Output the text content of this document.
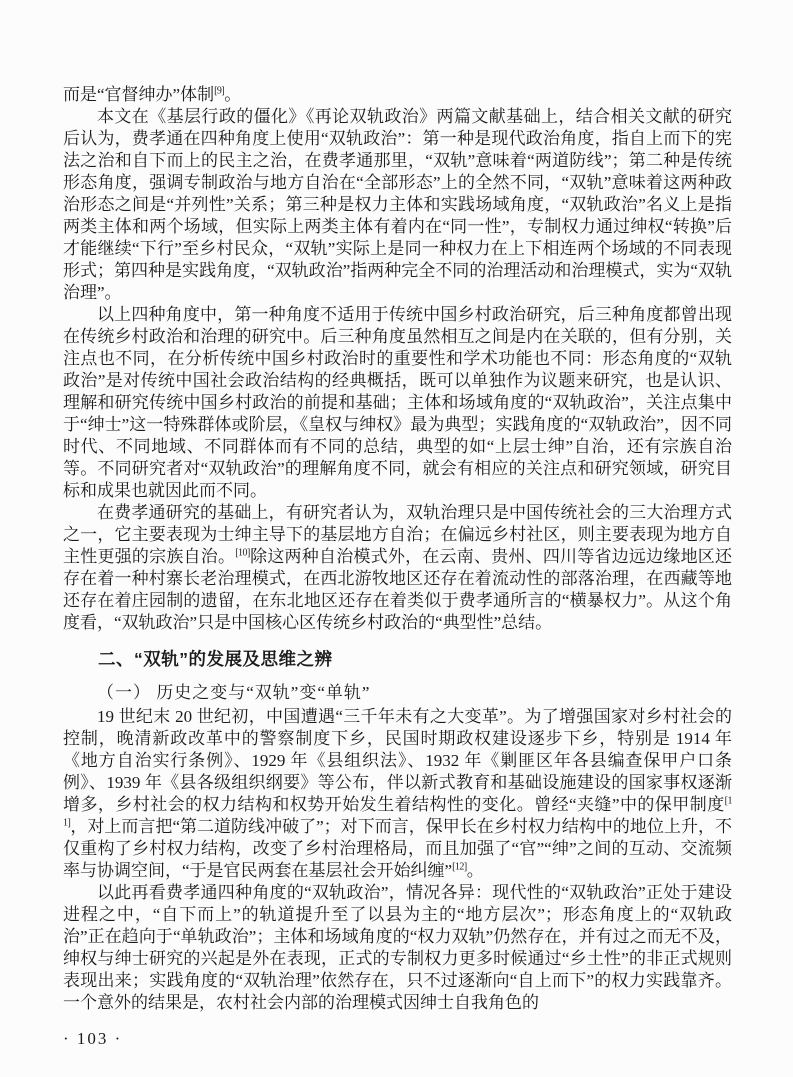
而是“官督绅办”体制[9]。

本文在《基层行政的僵化》《再论双轨政治》两篇文献基础上，结合相关文献的研究后认为，费孝通在四种角度上使用“双轨政治”：第一种是现代政治角度，指自上而下的宪法之治和自下而上的民主之治，在费孝通那里，“双轨”意味着“两道防线”；第二种是传统形态角度，强调专制政治与地方自治在“全部形态”上的全然不同，“双轨”意味着这两种政治形态之间是“并列性”关系；第三种是权力主体和实践场域角度，“双轨政治”名义上是指两类主体和两个场域，但实际上两类主体有着内在“同一性”，专制权力通过绅权“转换”后才能继续“下行”至乡村民众，“双轨”实际上是同一种权力在上下相连两个场域的不同表现形式；第四种是实践角度，“双轨政治”指两种完全不同的治理活动和治理模式，实为“双轨治理”。

以上四种角度中，第一种角度不适用于传统中国乡村政治研究，后三种角度都曾出现在传统乡村政治和治理的研究中。后三种角度虽然相互之间是内在关联的，但有分别，关注点也不同，在分析传统中国乡村政治时的重要性和学术功能也不同：形态角度的“双轨政治”是对传统中国社会政治结构的经典概括，既可以单独作为议题来研究，也是认识、理解和研究传统中国乡村政治的前提和基础；主体和场域角度的“双轨政治”，关注点集中于“绅士”这一特殊群体或阶层，《皇权与绅权》最为典型；实践角度的“双轨政治”，因不同时代、不同地域、不同群体而有不同的总结，典型的如“上层士绅”自治，还有宗族自治等。不同研究者对“双轨政治”的理解角度不同，就会有相应的关注点和研究领域，研究目标和成果也就因此而不同。

在费孝通研究的基础上，有研究者认为，双轨治理只是中国传统社会的三大治理方式之一，它主要表现为士绅主导下的基层地方自治；在偏远乡村社区，则主要表现为地方自主性更强的宗族自治。[10]除这两种自治模式外，在云南、贵州、四川等省边远边缘地区还存在着一种村寨长老治理模式，在西北游牧地区还存在着流动性的部落治理，在西藏等地还存在着庄园制的遗留，在东北地区还存在着类似于费孝通所言的“横暴权力”。从这个角度看，“双轨政治”只是中国核心区传统乡村政治的“典型性”总结。

二、“双轨”的发展及思维之辨

（一） 历史之变与“双轨”变“单轨”

19 世纪末 20 世纪初，中国遭遇“三千年未有之大变革”。为了增强国家对乡村社会的控制，晚清新政改革中的警察制度下乡，民国时期政权建设逐步下乡，特别是 1914 年《地方自治实行条例》、1929 年《县组织法》、1932 年《剿匪区年各县编查保甲户口条例》、1939 年《县各级组织纲要》等公布，伴以新式教育和基础设施建设的国家事权逐渐增多，乡村社会的权力结构和权势开始发生着结构性的变化。曾经“夹缝”中的保甲制度[11]，对上而言把“第二道防线冲破了”；对下而言，保甲长在乡村权力结构中的地位上升，不仅重构了乡村权力结构，改变了乡村治理格局，而且加强了“官”“绅”之间的互动、交流频率与协调空间，“于是官民两套在基层社会开始纠缠”[12]。

以此再看费孝通四种角度的“双轨政治”，情况各异：现代性的“双轨政治”正处于建设进程之中，“自下而上”的轨道提升至了以县为主的“地方层次”；形态角度上的“双轨政治”正在趋向于“单轨政治”；主体和场域角度的“权力双轨”仍然存在，并有过之而无不及，绅权与绅士研究的兴起是外在表现，正式的专制权力更多时候通过“乡土性”的非正式规则表现出来；实践角度的“双轨治理”依然存在，只不过逐渐向“自上而下”的权力实践靠齐。一个意外的结果是，农村社会内部的治理模式因绅士自我角色的

· 103 ·
